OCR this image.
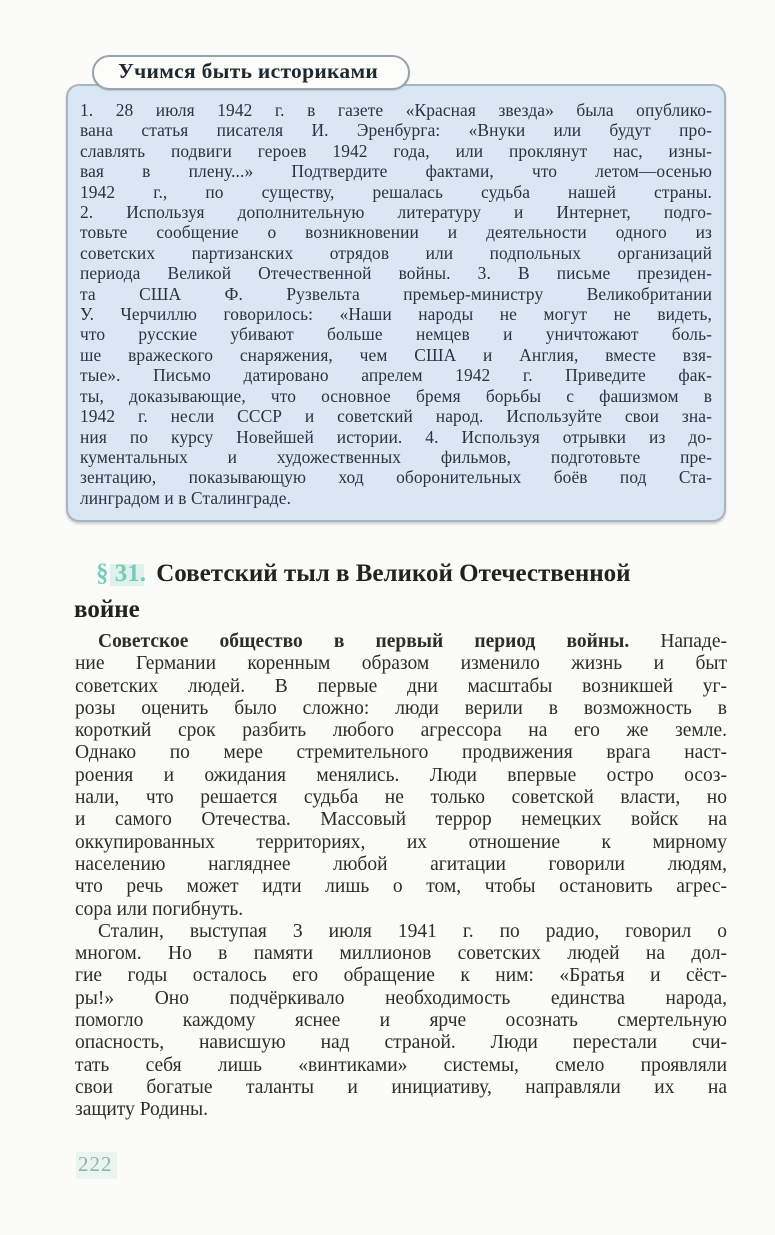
Учимся быть историками
1. 28 июля 1942 г. в газете «Красная звезда» была опублико-
вана статья писателя И. Эренбурга: «Внуки или будут про-
славлять подвиги героев 1942 года, или проклянут нас, изны-
вая в плену...» Подтвердите фактами, что летом—осенью
1942 г., по существу, решалась судьба нашей страны.
2. Используя дополнительную литературу и Интернет, подго-
товьте сообщение о возникновении и деятельности одного из
советских партизанских отрядов или подпольных организаций
периода Великой Отечественной войны. 3. В письме президен-
та США Ф. Рузвельта премьер-министру Великобритании
У. Черчиллю говорилось: «Наши народы не могут не видеть,
что русские убивают больше немцев и уничтожают боль-
ше вражеского снаряжения, чем США и Англия, вместе взя-
тые». Письмо датировано апрелем 1942 г. Приведите фак-
ты, доказывающие, что основное бремя борьбы с фашизмом в
1942 г. несли СССР и советский народ. Используйте свои зна-
ния по курсу Новейшей истории. 4. Используя отрывки из до-
кументальных и художественных фильмов, подготовьте пре-
зентацию, показывающую ход оборонительных боёв под Ста-
линградом и в Сталинграде.
§ 31. Советский тыл в Великой Отечественной
войне
Советское общество в первый период войны. Нападе-
ние Германии коренным образом изменило жизнь и быт
советских людей. В первые дни масштабы возникшей уг-
розы оценить было сложно: люди верили в возможность в
короткий срок разбить любого агрессора на его же земле.
Однако по мере стремительного продвижения врага наст-
роения и ожидания менялись. Люди впервые остро осоз-
нали, что решается судьба не только советской власти, но
и самого Отечества. Массовый террор немецких войск на
оккупированных территориях, их отношение к мирному
населению нагляднее любой агитации говорили людям,
что речь может идти лишь о том, чтобы остановить агрес-
сора или погибнуть.
Сталин, выступая 3 июля 1941 г. по радио, говорил о
многом. Но в памяти миллионов советских людей на дол-
гие годы осталось его обращение к ним: «Братья и сёст-
ры!» Оно подчёркивало необходимость единства народа,
помогло каждому яснее и ярче осознать смертельную
опасность, нависшую над страной. Люди перестали счи-
тать себя лишь «винтиками» системы, смело проявляли
свои богатые таланты и инициативу, направляли их на
защиту Родины.
222
